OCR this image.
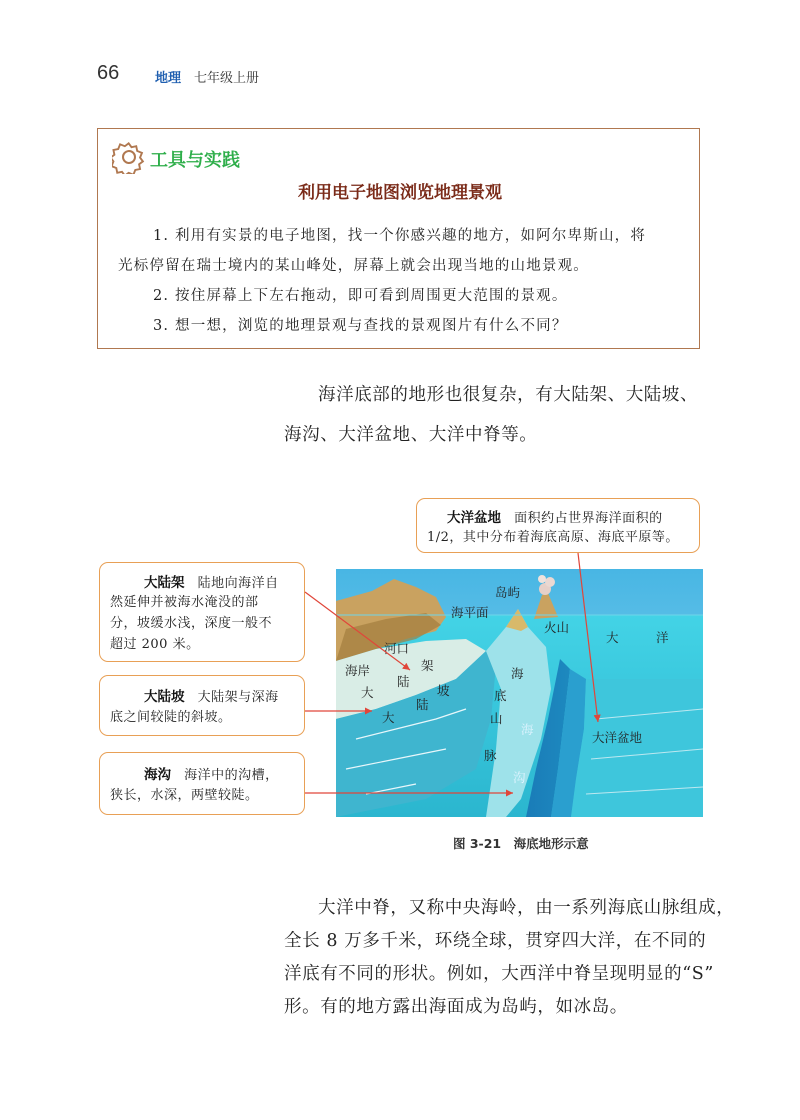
66	地理 七年级上册
工具与实践
利用电子地图浏览地理景观
1. 利用有实景的电子地图，找一个你感兴趣的地方，如阿尔卑斯山，将
光标停留在瑞士境内的某山峰处，屏幕上就会出现当地的山地景观。
2. 按住屏幕上下左右拖动，即可看到周围更大范围的景观。
3. 想一想，浏览的地理景观与查找的景观图片有什么不同？
海洋底部的地形也很复杂，有大陆架、大陆坡、
海沟、大洋盆地、大洋中脊等。
岛屿
海平面
火山
大	洋
河口
海岸	架
陆
大	坡
陆
大
海
底
山
脉
海
沟
大洋盆地
大洋盆地 面积约占世界海洋面积的
1/2，其中分布着海底高原、海底平原等。
大陆架 陆地向海洋自
然延伸并被海水淹没的部
分，坡缓水浅，深度一般不
超过 200 米。
大陆坡 大陆架与深海
底之间较陡的斜坡。
海沟 海洋中的沟槽，
狭长，水深，两壁较陡。
图 3-21　海底地形示意
大洋中脊，又称中央海岭，由一系列海底山脉组成，
全长 8 万多千米，环绕全球，贯穿四大洋，在不同的
洋底有不同的形状。例如，大西洋中脊呈现明显的“S”
形。有的地方露出海面成为岛屿，如冰岛。
